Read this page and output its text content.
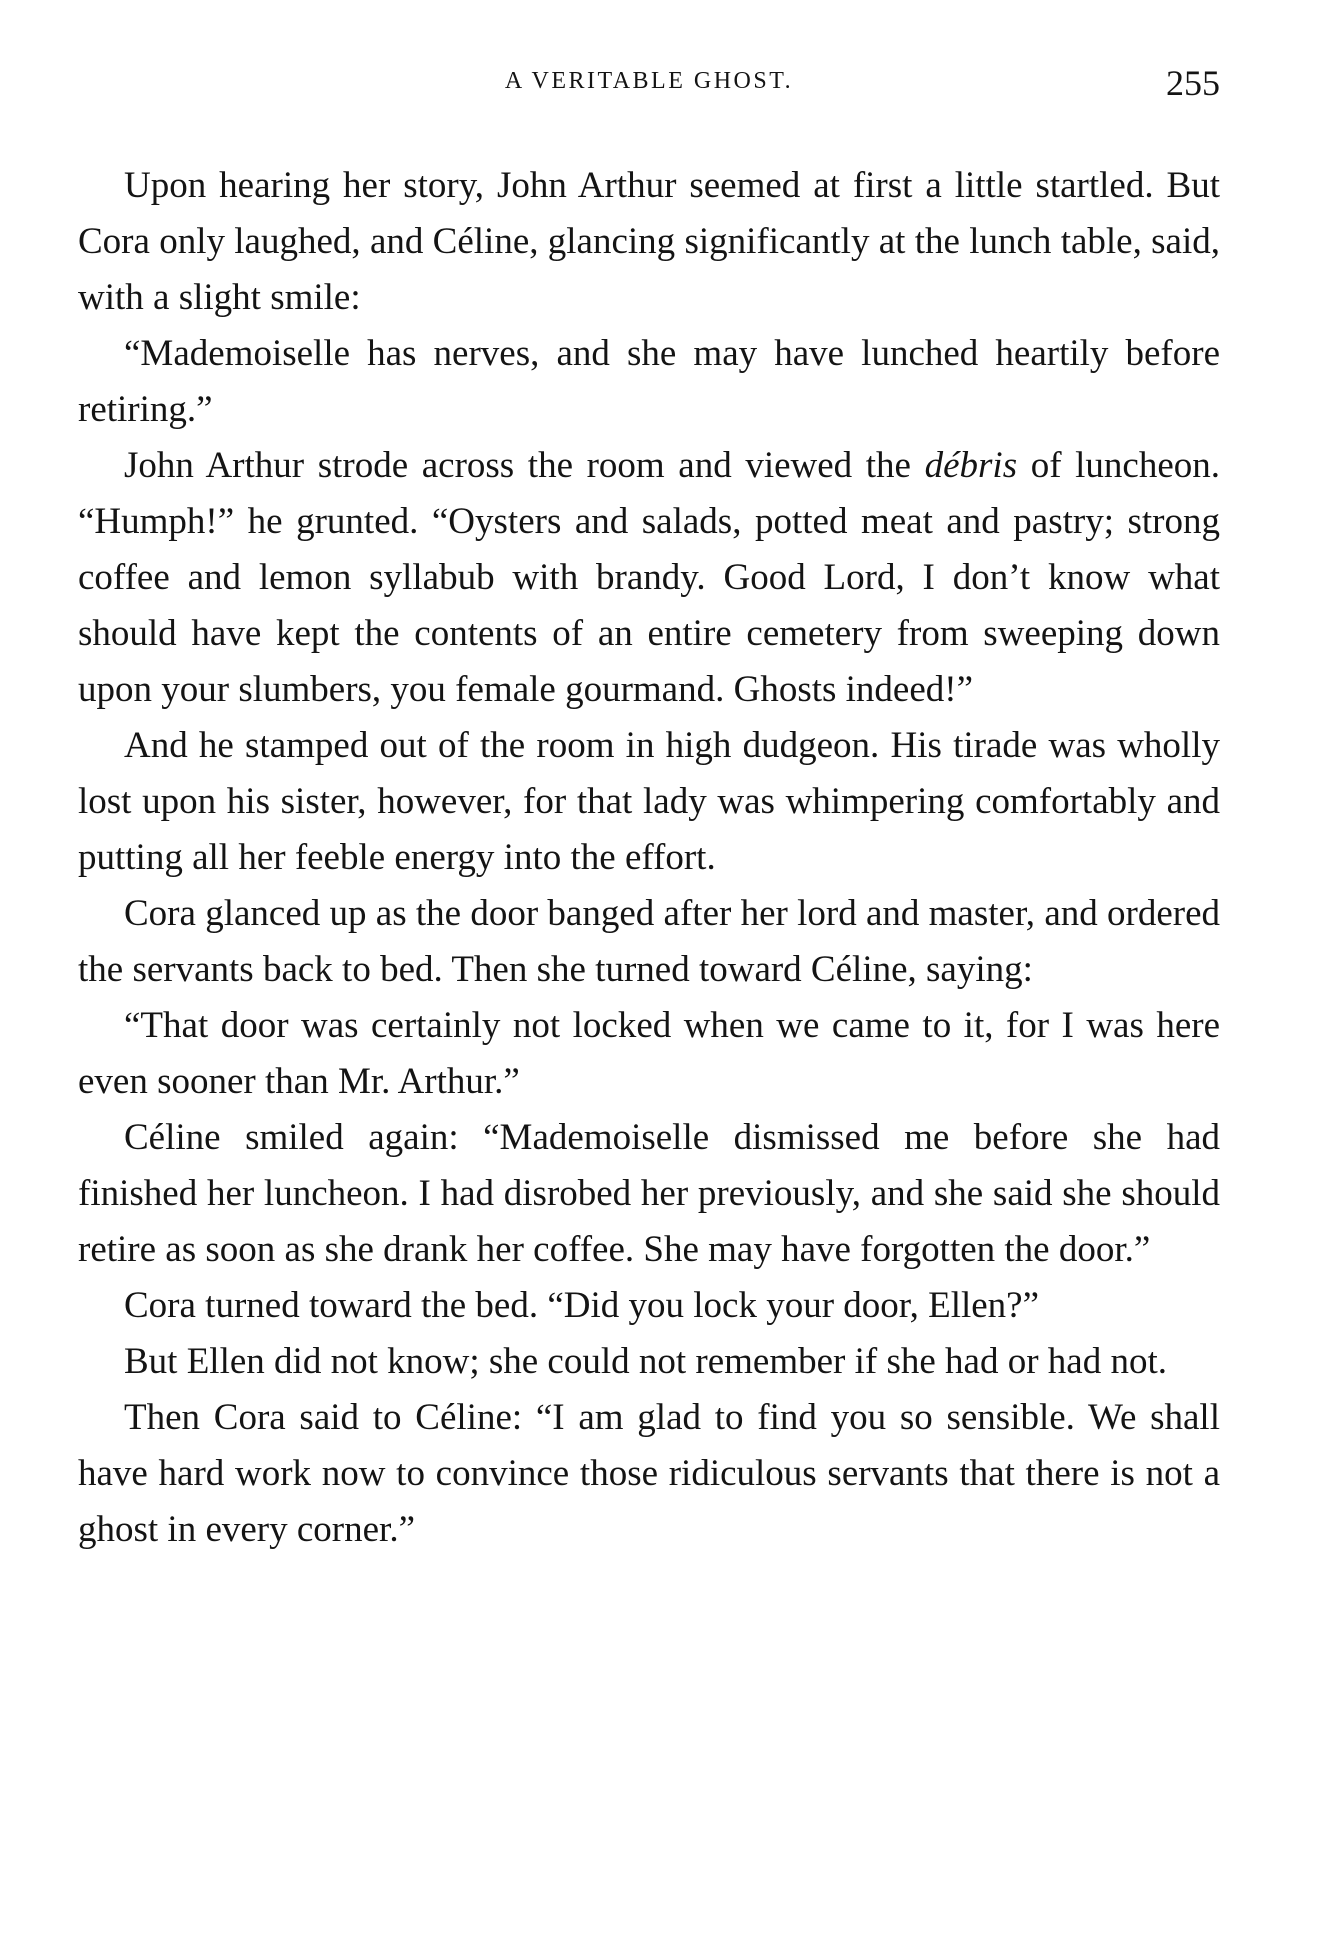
A VERITABLE GHOST.	255

Upon hearing her story, John Arthur seemed at first a little startled. But Cora only laughed, and Céline, glancing significantly at the lunch table, said, with a slight smile:

“Mademoiselle has nerves, and she may have lunched heartily before retiring.”

John Arthur strode across the room and viewed the débris of luncheon. “Humph!” he grunted. “Oysters and salads, potted meat and pastry; strong coffee and lemon syllabub with brandy. Good Lord, I don’t know what should have kept the contents of an entire cemetery from sweeping down upon your slumbers, you female gourmand. Ghosts indeed!”

And he stamped out of the room in high dudgeon. His tirade was wholly lost upon his sister, however, for that lady was whimpering comfortably and putting all her feeble energy into the effort.

Cora glanced up as the door banged after her lord and master, and ordered the servants back to bed. Then she turned toward Céline, saying:

“That door was certainly not locked when we came to it, for I was here even sooner than Mr. Arthur.”

Céline smiled again: “Mademoiselle dismissed me before she had finished her luncheon. I had disrobed her previously, and she said she should retire as soon as she drank her coffee. She may have forgotten the door.”

Cora turned toward the bed. “Did you lock your door, Ellen?”

But Ellen did not know; she could not remember if she had or had not.

Then Cora said to Céline: “I am glad to find you so sensible. We shall have hard work now to convince those ridiculous servants that there is not a ghost in every corner.”
